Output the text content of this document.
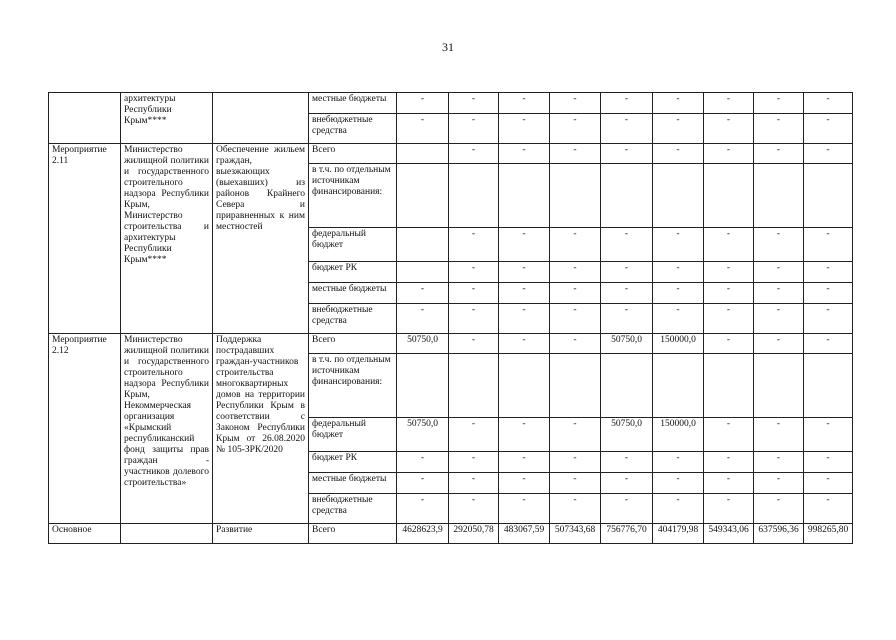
31
	архитектуры Республики Крым****		местные бюджеты	-	-	-	-	-	-	-	-	-
			внебюджетные средства	-	-	-	-	-	-	-	-	-
Мероприятие 2.11	Министерство жилищной политики и государственного строительного надзора Республики Крым, Министерство строительства и архитектуры Республики Крым****	Обеспечение жильем граждан, выезжающих (выехавших) из районов Крайнего Севера и приравненных к ним местностей	Всего		-	-	-	-	-	-	-	-
			в т.ч. по отдельным источникам финансирования:									
			федеральный бюджет		-	-	-	-	-	-	-	-
			бюджет РК		-	-	-	-	-	-	-	-
			местные бюджеты	-	-	-	-	-	-	-	-	-
			внебюджетные средства	-	-	-	-	-	-	-	-	-
Мероприятие 2.12	Министерство жилищной политики и государственного строительного надзора Республики Крым, Некоммерческая организация «Крымский республиканский фонд защиты прав граждан - участников долевого строительства»	Поддержка пострадавших граждан-участников строительства многоквартирных домов на территории Республики Крым в соответствии с Законом Республики Крым от 26.08.2020 № 105-ЗРК/2020	Всего	50750,0	-	-	-	50750,0	150000,0	-	-	-
			в т.ч. по отдельным источникам финансирования:									
			федеральный бюджет	50750,0	-	-	-	50750,0	150000,0	-	-	-
			бюджет РК	-	-	-	-	-	-	-	-	-
			местные бюджеты	-	-	-	-	-	-	-	-	-
			внебюджетные средства	-	-	-	-	-	-	-	-	-
Основное		Развитие	Всего	4628623,9	292050,78	483067,59	507343,68	756776,70	404179,98	549343,06	637596,36	998265,80
